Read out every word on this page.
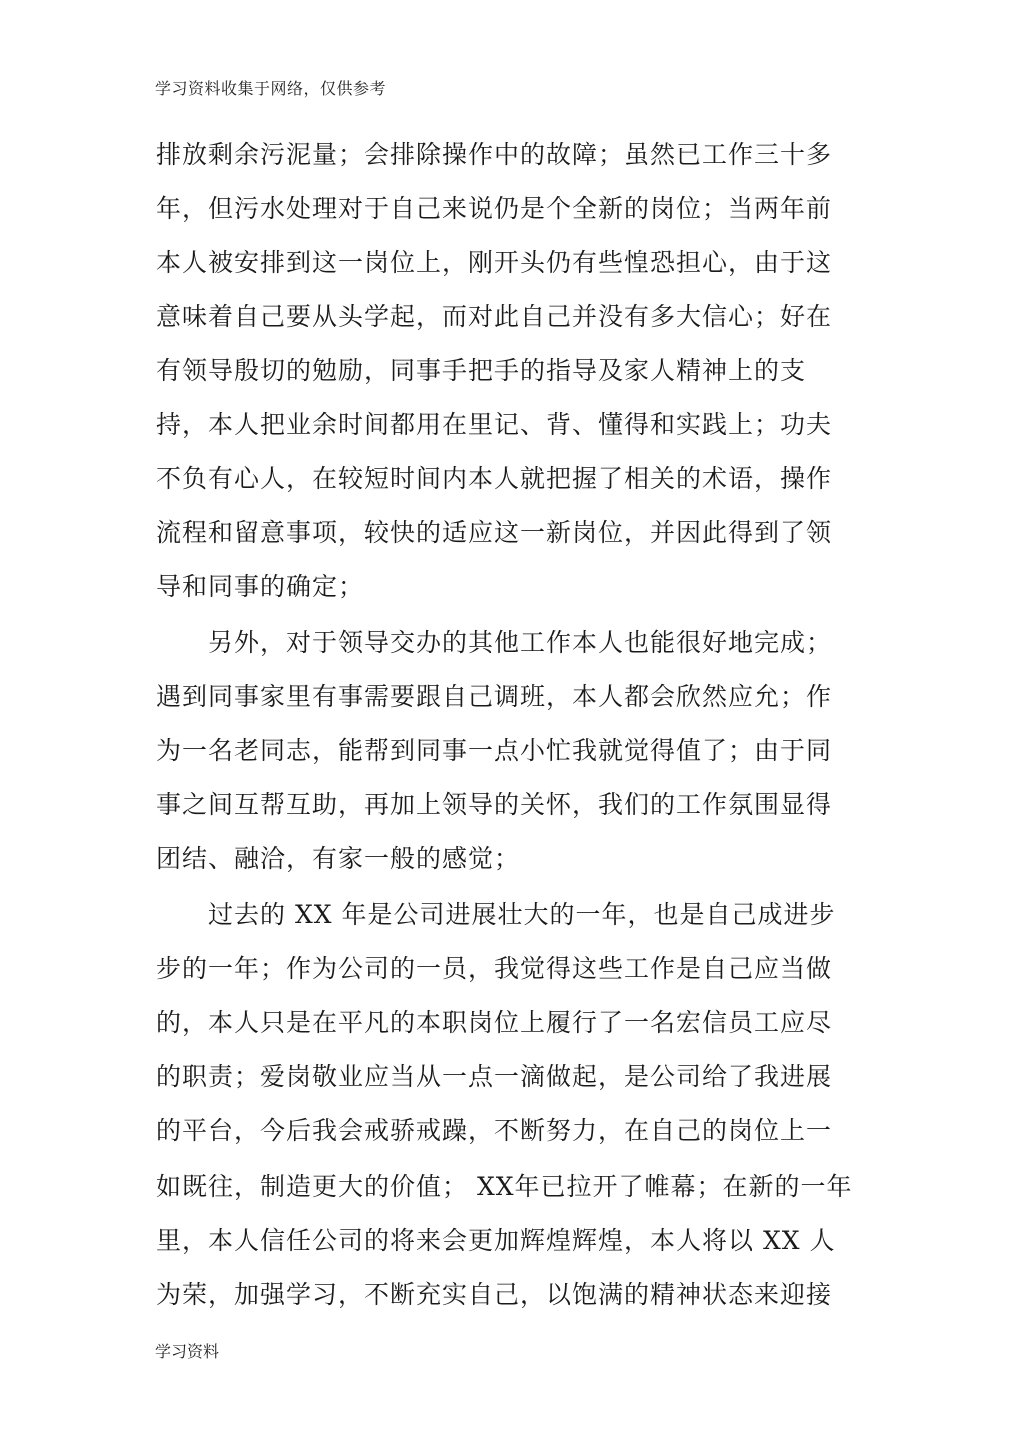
学习资料收集于网络，仅供参考
排放剩余污泥量；会排除操作中的故障；虽然已工作三十多
年，但污水处理对于自己来说仍是个全新的岗位；当两年前
本人被安排到这一岗位上，刚开头仍有些惶恐担心，由于这
意味着自己要从头学起，而对此自己并没有多大信心；好在
有领导殷切的勉励，同事手把手的指导及家人精神上的支
持，本人把业余时间都用在里记、背、懂得和实践上；功夫
不负有心人，在较短时间内本人就把握了相关的术语，操作
流程和留意事项，较快的适应这一新岗位，并因此得到了领
导和同事的确定；
另外，对于领导交办的其他工作本人也能很好地完成；
遇到同事家里有事需要跟自己调班，本人都会欣然应允；作
为一名老同志，能帮到同事一点小忙我就觉得值了；由于同
事之间互帮互助，再加上领导的关怀，我们的工作氛围显得
团结、融洽，有家一般的感觉；
过去的 XX 年是公司进展壮大的一年，也是自己成进步
步的一年；作为公司的一员，我觉得这些工作是自己应当做
的，本人只是在平凡的本职岗位上履行了一名宏信员工应尽
的职责；爱岗敬业应当从一点一滴做起，是公司给了我进展
的平台，今后我会戒骄戒躁，不断努力，在自己的岗位上一
如既往，制造更大的价值； XX年已拉开了帷幕；在新的一年
里，本人信任公司的将来会更加辉煌辉煌，本人将以 XX 人
为荣，加强学习，不断充实自己，以饱满的精神状态来迎接
学习资料
